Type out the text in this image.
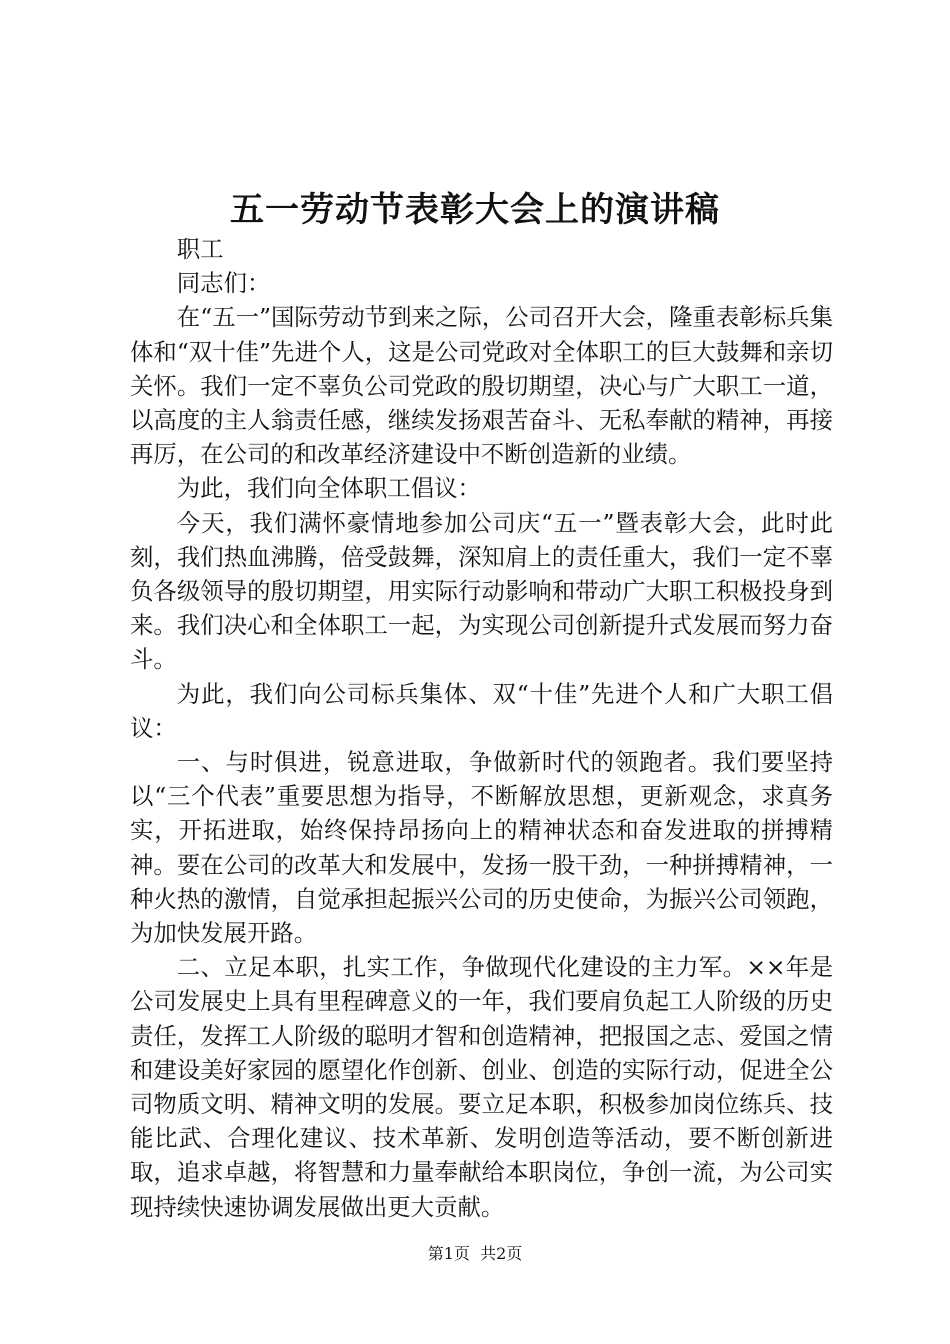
五一劳动节表彰大会上的演讲稿

职工

同志们：

在“五一”国际劳动节到来之际，公司召开大会，隆重表彰标兵集体和“双十佳”先进个人，这是公司党政对全体职工的巨大鼓舞和亲切关怀。我们一定不辜负公司党政的殷切期望，决心与广大职工一道，以高度的主人翁责任感，继续发扬艰苦奋斗、无私奉献的精神，再接再厉，在公司的和改革经济建设中不断创造新的业绩。

为此，我们向全体职工倡议：

今天，我们满怀豪情地参加公司庆“五一”暨表彰大会，此时此刻，我们热血沸腾，倍受鼓舞，深知肩上的责任重大，我们一定不辜负各级领导的殷切期望，用实际行动影响和带动广大职工积极投身到来。我们决心和全体职工一起，为实现公司创新提升式发展而努力奋斗。

为此，我们向公司标兵集体、双“十佳”先进个人和广大职工倡议：

一、与时俱进，锐意进取，争做新时代的领跑者。我们要坚持以“三个代表”重要思想为指导，不断解放思想，更新观念，求真务实，开拓进取，始终保持昂扬向上的精神状态和奋发进取的拼搏精神。要在公司的改革大和发展中，发扬一股干劲，一种拼搏精神，一种火热的激情，自觉承担起振兴公司的历史使命，为振兴公司领跑，为加快发展开路。

二、立足本职，扎实工作，争做现代化建设的主力军。××年是公司发展史上具有里程碑意义的一年，我们要肩负起工人阶级的历史责任，发挥工人阶级的聪明才智和创造精神，把报国之志、爱国之情和建设美好家园的愿望化作创新、创业、创造的实际行动，促进全公司物质文明、精神文明的发展。要立足本职，积极参加岗位练兵、技能比武、合理化建议、技术革新、发明创造等活动，要不断创新进取，追求卓越，将智慧和力量奉献给本职岗位，争创一流，为公司实现持续快速协调发展做出更大贡献。

第1页  共2页
